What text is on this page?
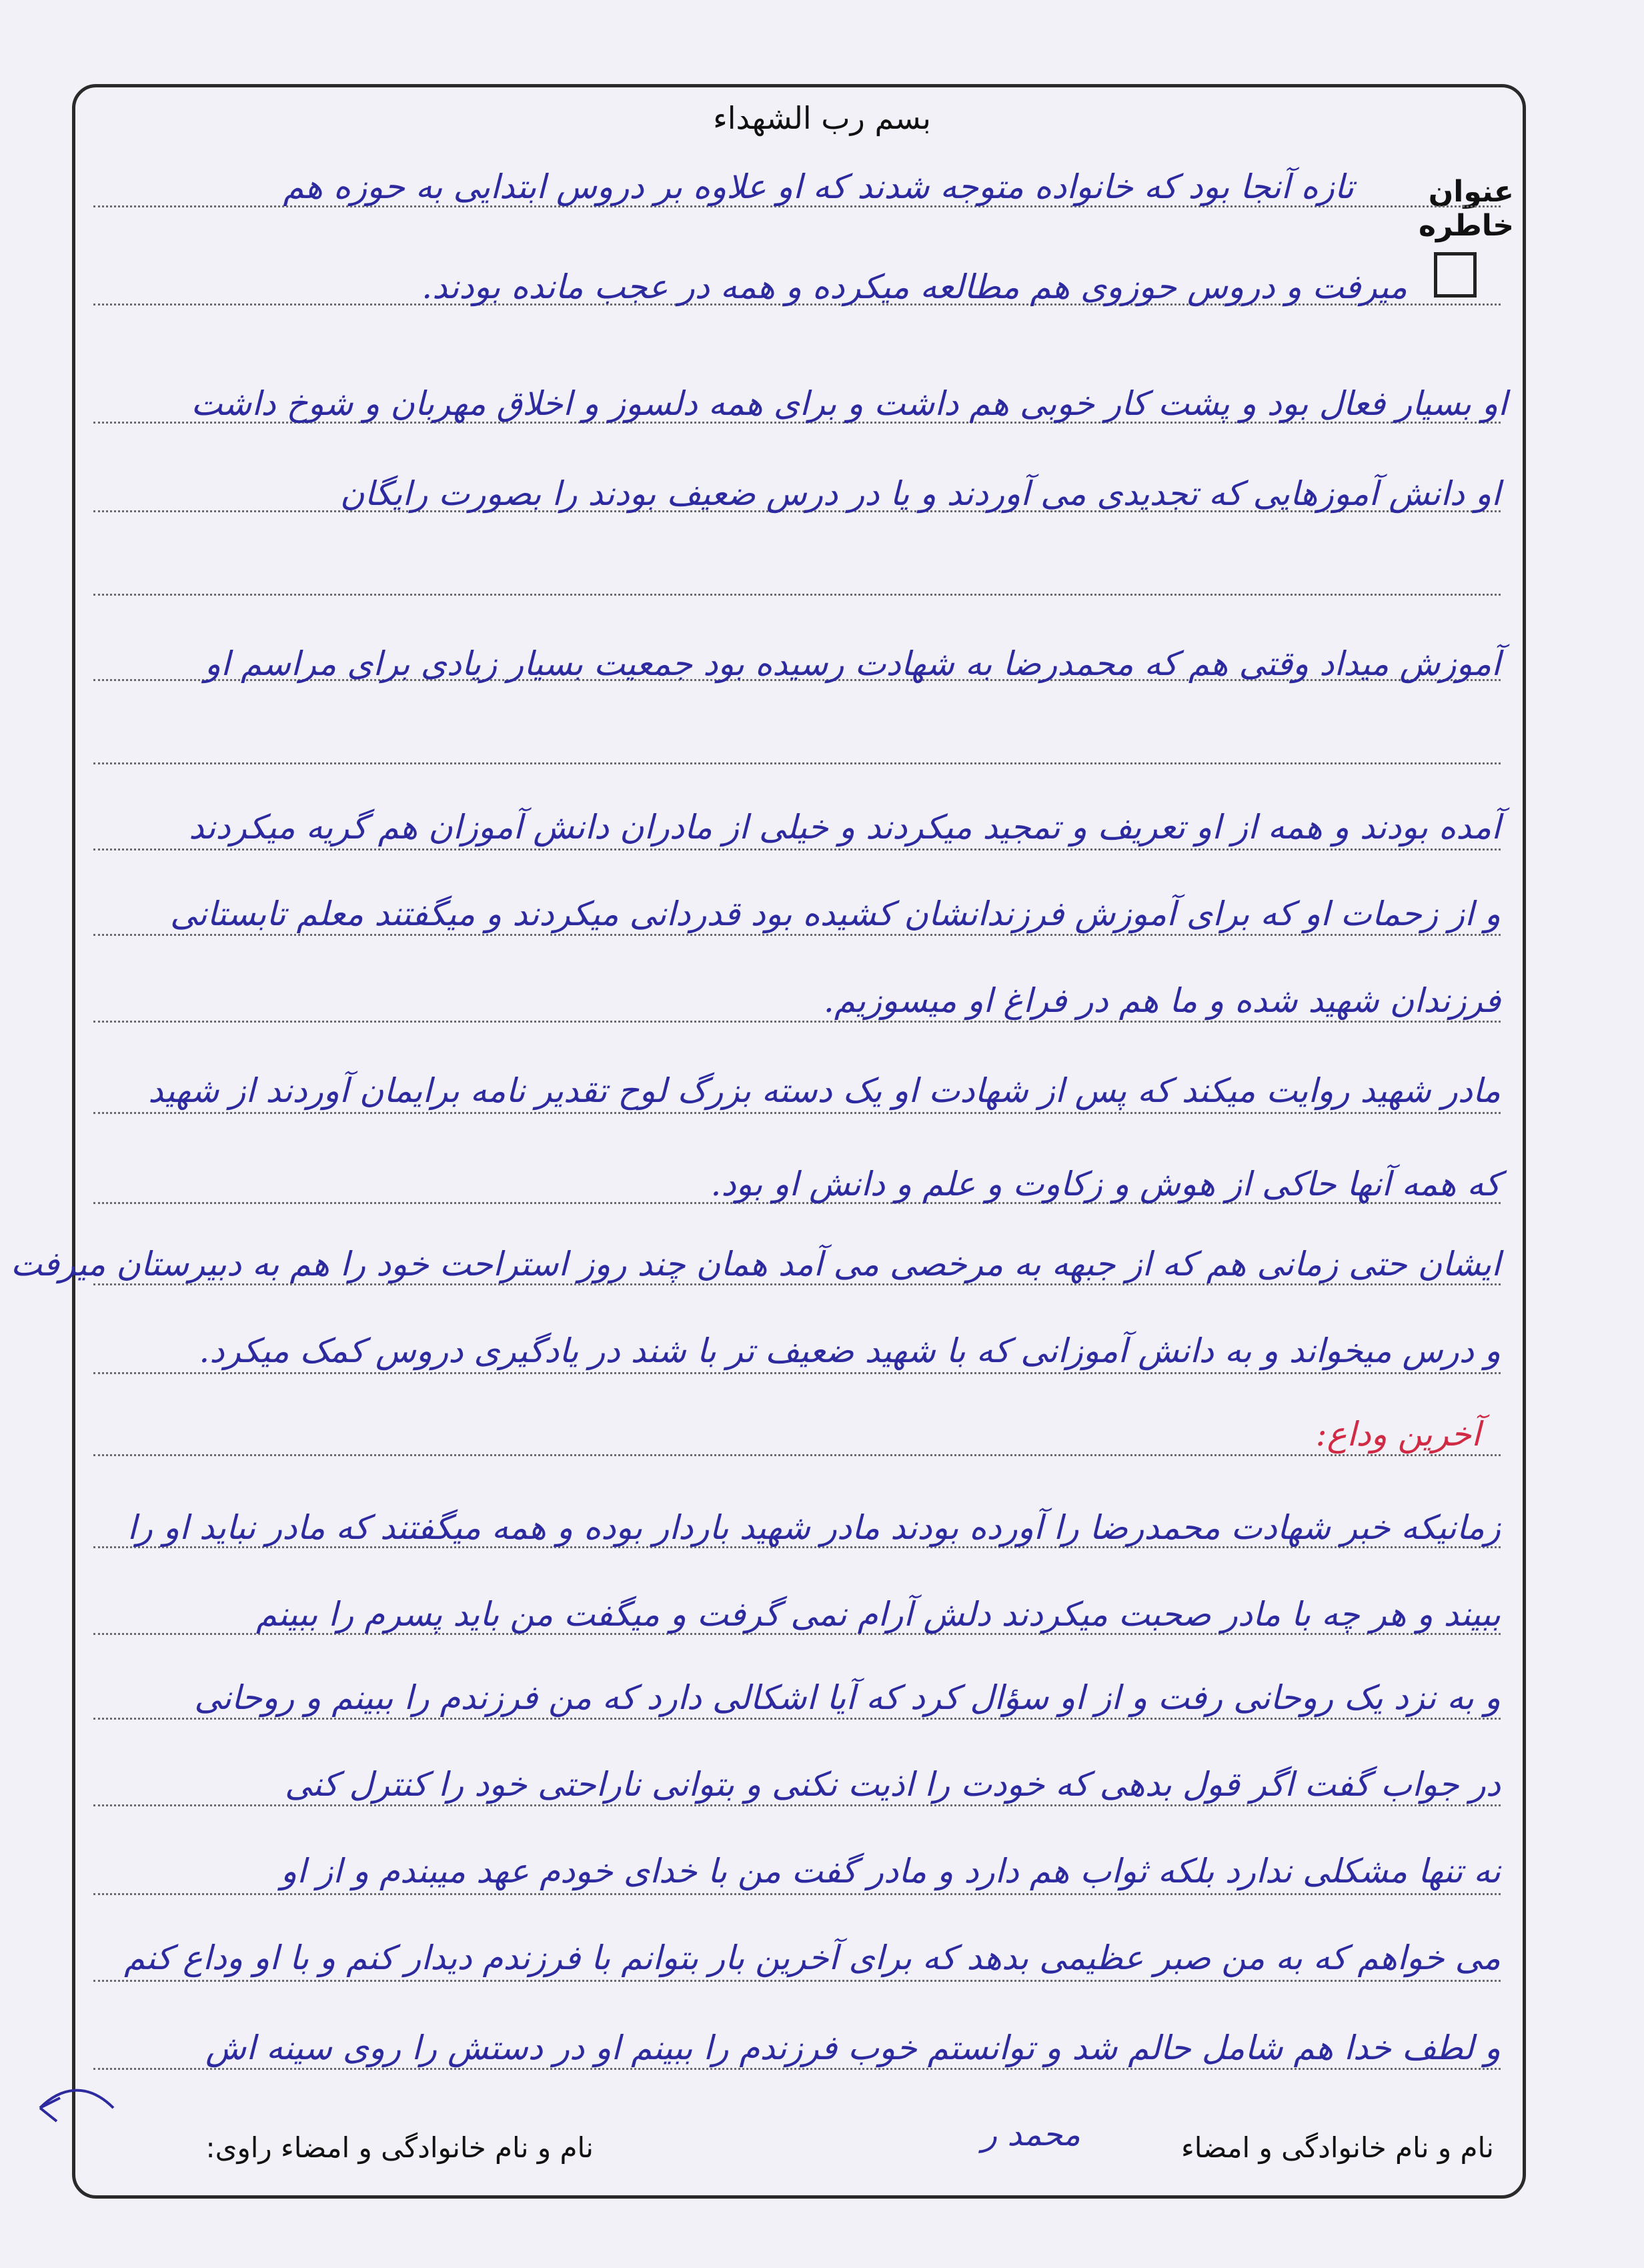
بسم رب الشهداء
عنوان خاطره
تازه آنجا بود که خانواده متوجه شدند که او علاوه بر دروس ابتدایی به حوزه هم
میرفت و دروس حوزوی هم مطالعه میکرده و همه در عجب مانده بودند.
او بسیار فعال بود و پشت کار خوبی هم داشت و برای همه دلسوز و اخلاق مهربان و شوخ داشت
او دانش آموزهایی که تجدیدی می آوردند و یا در درس ضعیف بودند را بصورت رایگان
آموزش میداد وقتی هم که محمدرضا به شهادت رسیده بود جمعیت بسیار زیادی برای مراسم او
آمده بودند و همه از او تعریف و تمجید میکردند و خیلی از مادران دانش آموزان هم گریه میکردند
و از زحمات او که برای آموزش فرزندانشان کشیده بود قدردانی میکردند و میگفتند معلم تابستانی
فرزندان شهید شده و ما هم در فراغ او میسوزیم.
مادر شهید روایت میکند که پس از شهادت او یک دسته بزرگ لوح تقدیر نامه برایمان آوردند از شهید
که همه آنها حاکی از هوش و زکاوت و علم و دانش او بود.
ایشان حتی زمانی هم که از جبهه به مرخصی می آمد همان چند روز استراحت خود را هم به دبیرستان میرفت
و درس میخواند و به دانش آموزانی که با شهید ضعیف تر با شند در یادگیری دروس کمک میکرد.
آخرین وداع:
زمانیکه خبر شهادت محمدرضا را آورده بودند مادر شهید باردار بوده و همه میگفتند که مادر نباید او را
ببیند و هر چه با مادر صحبت میکردند دلش آرام نمی گرفت و میگفت من باید پسرم را ببینم
و به نزد یک روحانی رفت و از او سؤال کرد که آیا اشکالی دارد که من فرزندم را ببینم و روحانی
در جواب گفت اگر قول بدهی که خودت را اذیت نکنی و بتوانی ناراحتی خود را کنترل کنی
نه تنها مشکلی ندارد بلکه ثواب هم دارد و مادر گفت من با خدای خودم عهد میبندم و از او
می خواهم که به من صبر عظیمی بدهد که برای آخرین بار بتوانم با فرزندم دیدار کنم و با او وداع کنم
و لطف خدا هم شامل حالم شد و توانستم خوب فرزندم را ببینم او در دستش را روی سینه اش
نام و نام خانوادگی و امضاء
محمد ر
نام و نام خانوادگی و امضاء راوی:
